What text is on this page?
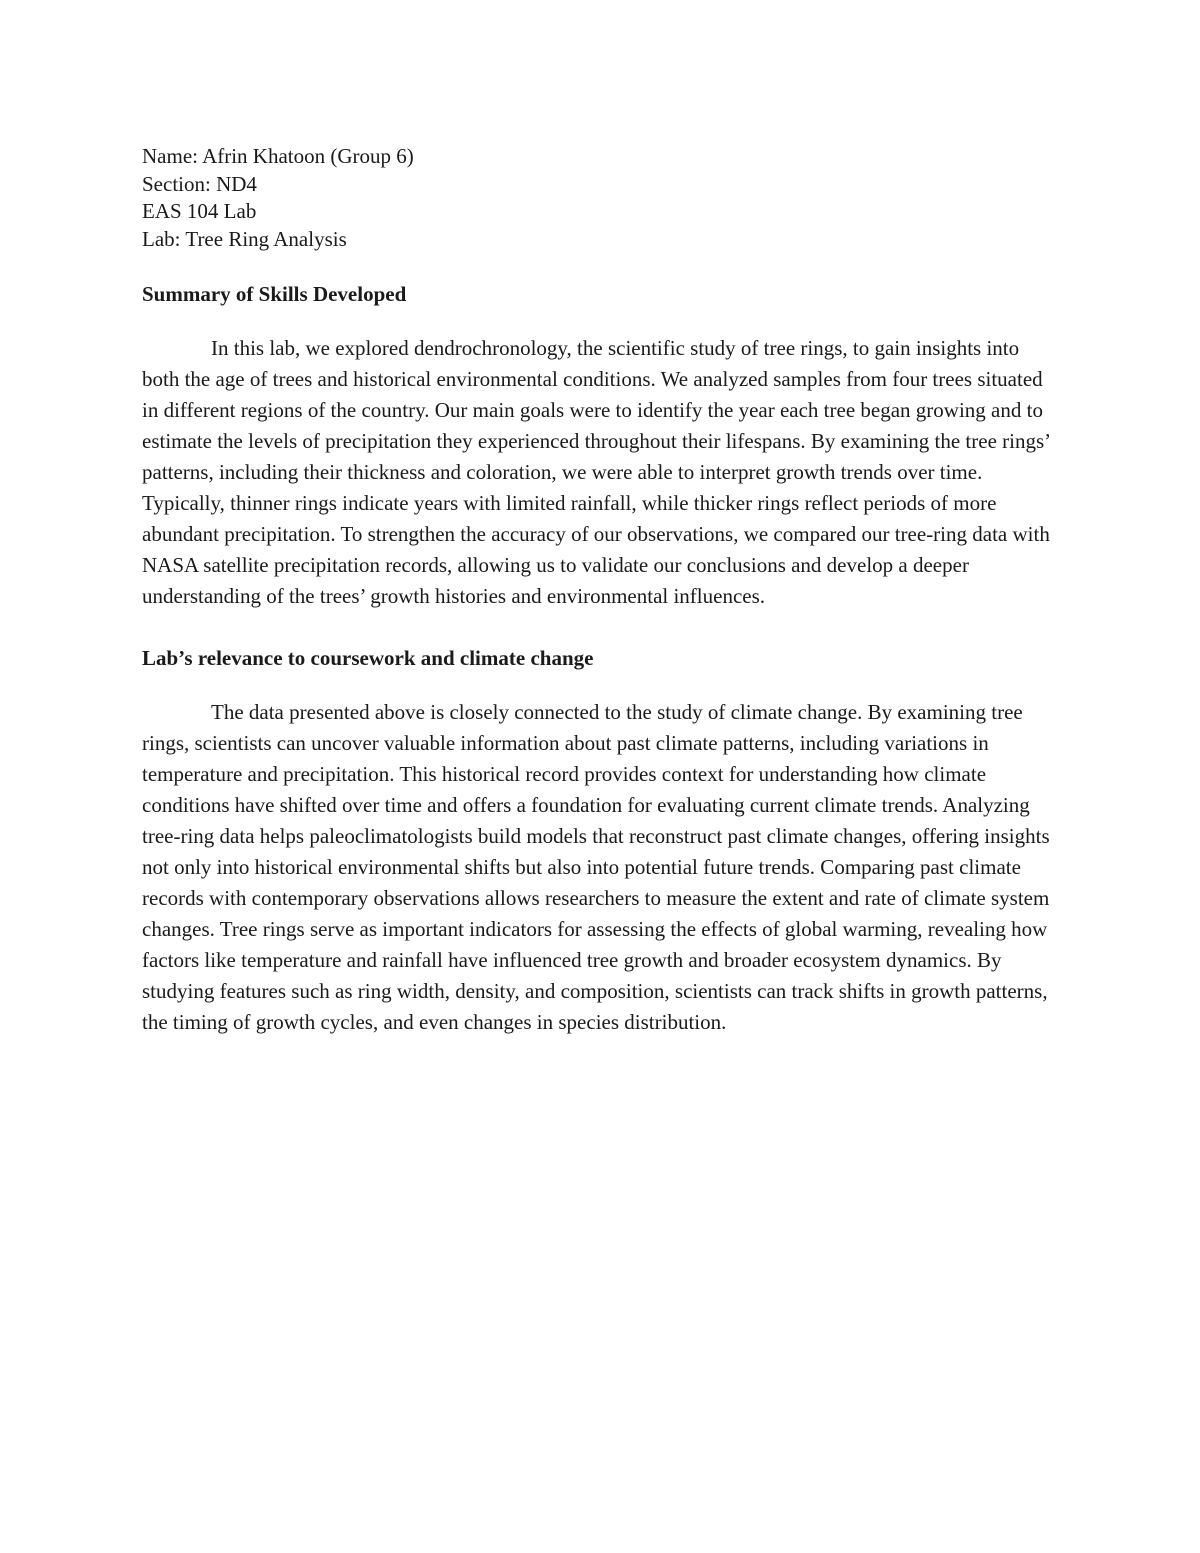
Name: Afrin Khatoon (Group 6)

Section: ND4

EAS 104 Lab

Lab: Tree Ring Analysis

Summary of Skills Developed

In this lab, we explored dendrochronology, the scientific study of tree rings, to gain insights into both the age of trees and historical environmental conditions. We analyzed samples from four trees situated in different regions of the country. Our main goals were to identify the year each tree began growing and to estimate the levels of precipitation they experienced throughout their lifespans. By examining the tree rings’ patterns, including their thickness and coloration, we were able to interpret growth trends over time. Typically, thinner rings indicate years with limited rainfall, while thicker rings reflect periods of more abundant precipitation. To strengthen the accuracy of our observations, we compared our tree-ring data with NASA satellite precipitation records, allowing us to validate our conclusions and develop a deeper understanding of the trees’ growth histories and environmental influences.

Lab’s relevance to coursework and climate change

The data presented above is closely connected to the study of climate change. By examining tree rings, scientists can uncover valuable information about past climate patterns, including variations in temperature and precipitation. This historical record provides context for understanding how climate conditions have shifted over time and offers a foundation for evaluating current climate trends. Analyzing tree-ring data helps paleoclimatologists build models that reconstruct past climate changes, offering insights not only into historical environmental shifts but also into potential future trends. Comparing past climate records with contemporary observations allows researchers to measure the extent and rate of climate system changes. Tree rings serve as important indicators for assessing the effects of global warming, revealing how factors like temperature and rainfall have influenced tree growth and broader ecosystem dynamics. By studying features such as ring width, density, and composition, scientists can track shifts in growth patterns, the timing of growth cycles, and even changes in species distribution.
